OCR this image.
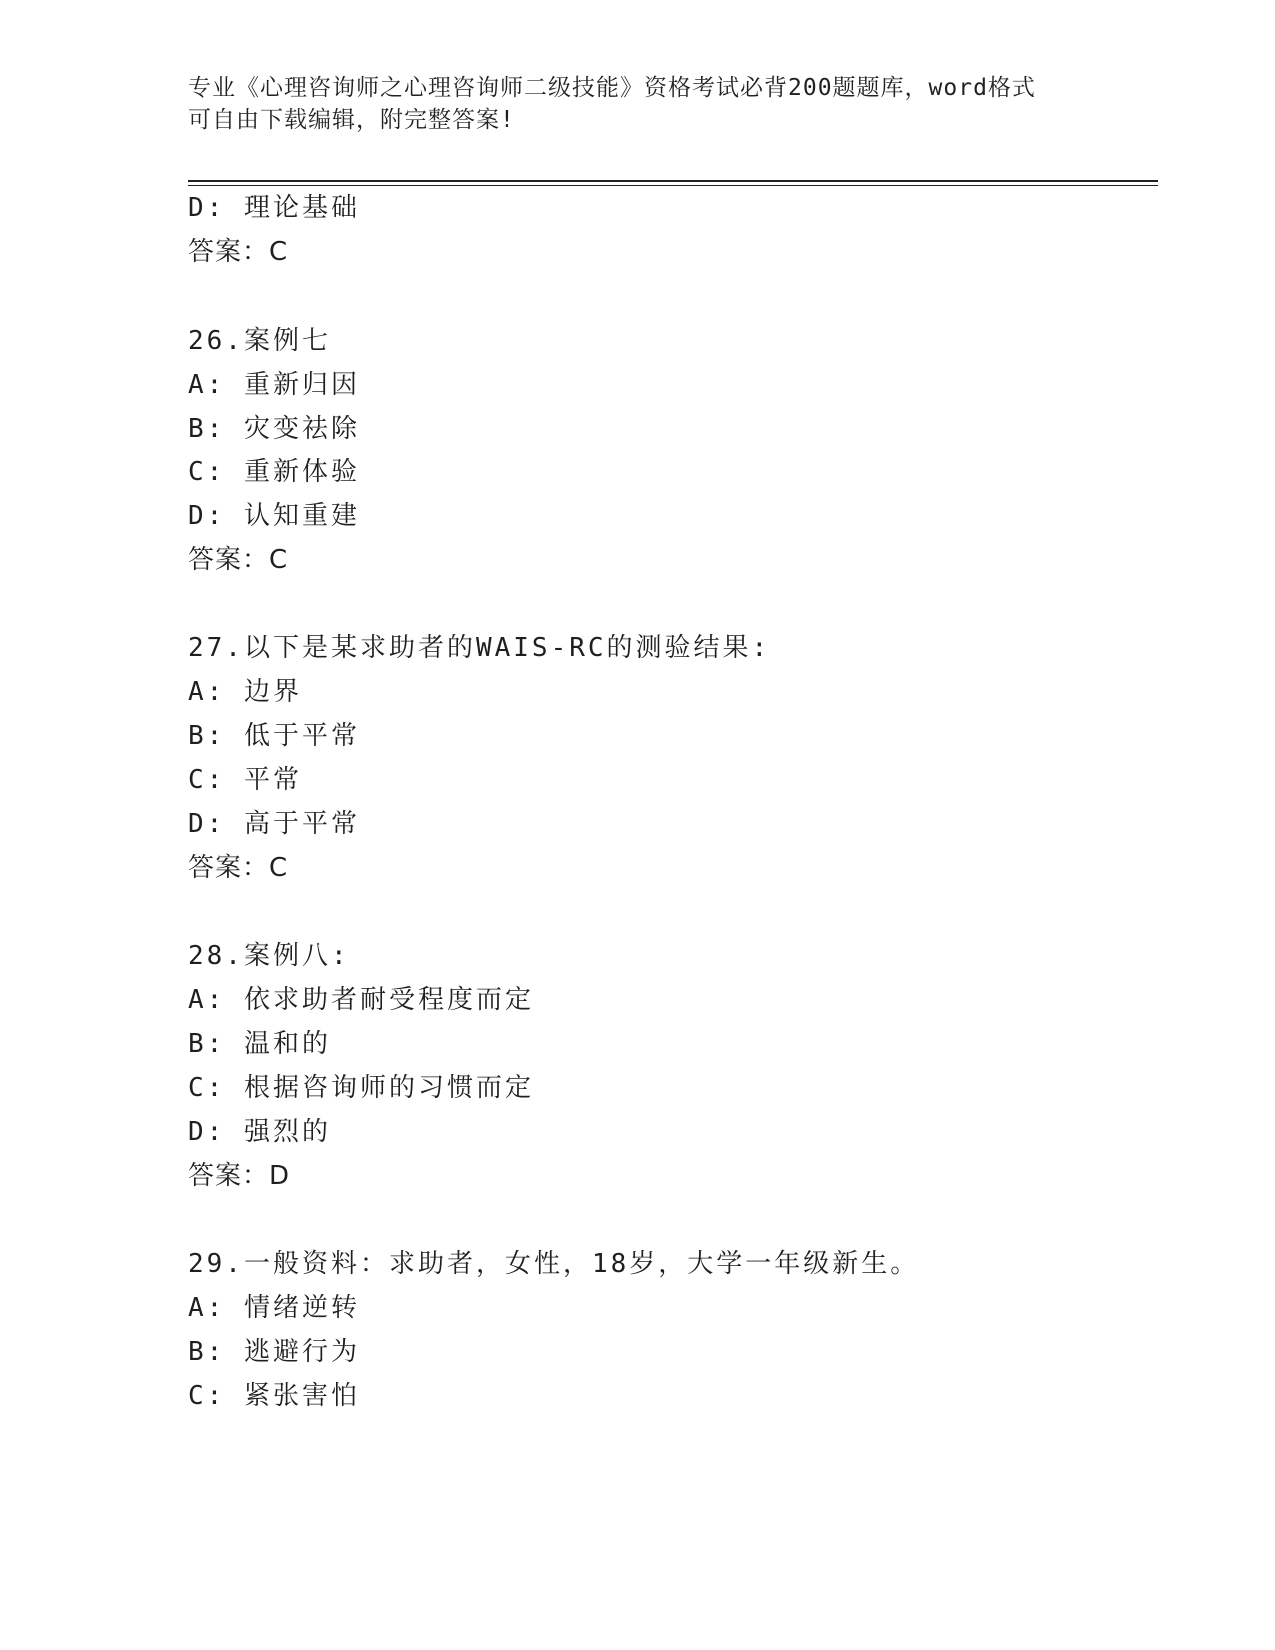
专业《心理咨询师之心理咨询师二级技能》资格考试必背200题题库，word格式
可自由下载编辑，附完整答案!
D: 理论基础
答案：C
26.案例七
A: 重新归因
B: 灾变祛除
C: 重新体验
D: 认知重建
答案：C
27.以下是某求助者的WAIS-RC的测验结果:
A: 边界
B: 低于平常
C: 平常
D: 高于平常
答案：C
28.案例八:
A: 依求助者耐受程度而定
B: 温和的
C: 根据咨询师的习惯而定
D: 强烈的
答案：D
29.一般资料：求助者，女性，18岁，大学一年级新生。
A: 情绪逆转
B: 逃避行为
C: 紧张害怕
